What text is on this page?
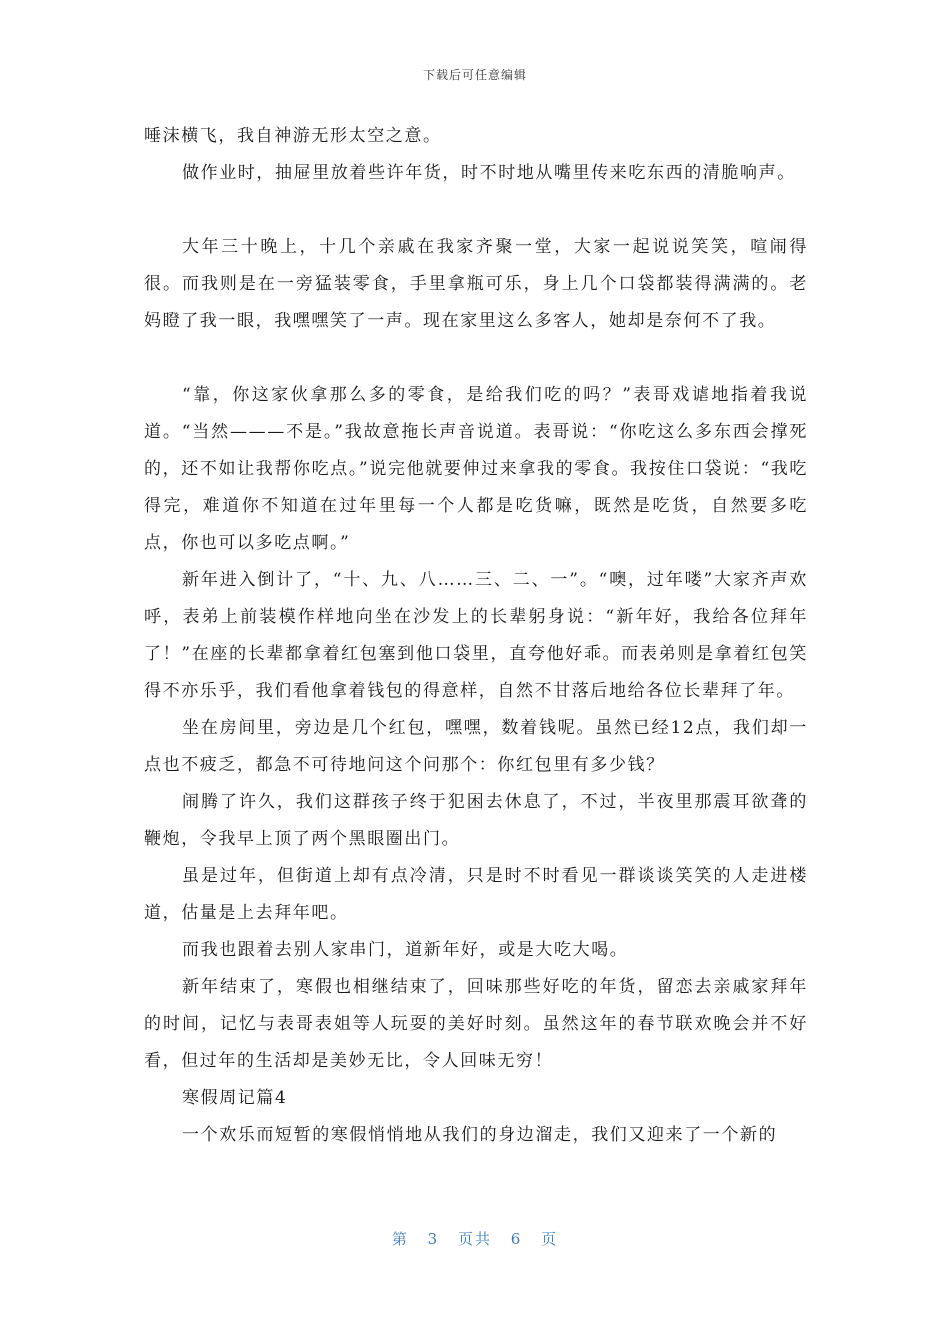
下载后可任意编辑

唾沫横飞，我自神游无形太空之意。

做作业时，抽屉里放着些许年货，时不时地从嘴里传来吃东西的清脆响声。

大年三十晚上，十几个亲戚在我家齐聚一堂，大家一起说说笑笑，喧闹得很。而我则是在一旁猛装零食，手里拿瓶可乐，身上几个口袋都装得满满的。老妈瞪了我一眼，我嘿嘿笑了一声。现在家里这么多客人，她却是奈何不了我。

“靠，你这家伙拿那么多的零食，是给我们吃的吗？”表哥戏谑地指着我说道。“当然———不是。”我故意拖长声音说道。表哥说：“你吃这么多东西会撑死的，还不如让我帮你吃点。”说完他就要伸过来拿我的零食。我按住口袋说：“我吃得完，难道你不知道在过年里每一个人都是吃货嘛，既然是吃货，自然要多吃点，你也可以多吃点啊。”

新年进入倒计了，“十、九、八……三、二、一”。“噢，过年喽”大家齐声欢呼，表弟上前装模作样地向坐在沙发上的长辈躬身说：“新年好，我给各位拜年了！”在座的长辈都拿着红包塞到他口袋里，直夸他好乖。而表弟则是拿着红包笑得不亦乐乎，我们看他拿着钱包的得意样，自然不甘落后地给各位长辈拜了年。

坐在房间里，旁边是几个红包，嘿嘿，数着钱呢。虽然已经12点，我们却一点也不疲乏，都急不可待地问这个问那个：你红包里有多少钱？

闹腾了许久，我们这群孩子终于犯困去休息了，不过，半夜里那震耳欲聋的鞭炮，令我早上顶了两个黑眼圈出门。

虽是过年，但街道上却有点冷清，只是时不时看见一群谈谈笑笑的人走进楼道，估量是上去拜年吧。

而我也跟着去别人家串门，道新年好，或是大吃大喝。

新年结束了，寒假也相继结束了，回味那些好吃的年货，留恋去亲戚家拜年的时间，记忆与表哥表姐等人玩耍的美好时刻。虽然这年的春节联欢晚会并不好看，但过年的生活却是美妙无比，令人回味无穷！

寒假周记篇4

一个欢乐而短暂的寒假悄悄地从我们的身边溜走，我们又迎来了一个新的

第 3 页共 6 页
